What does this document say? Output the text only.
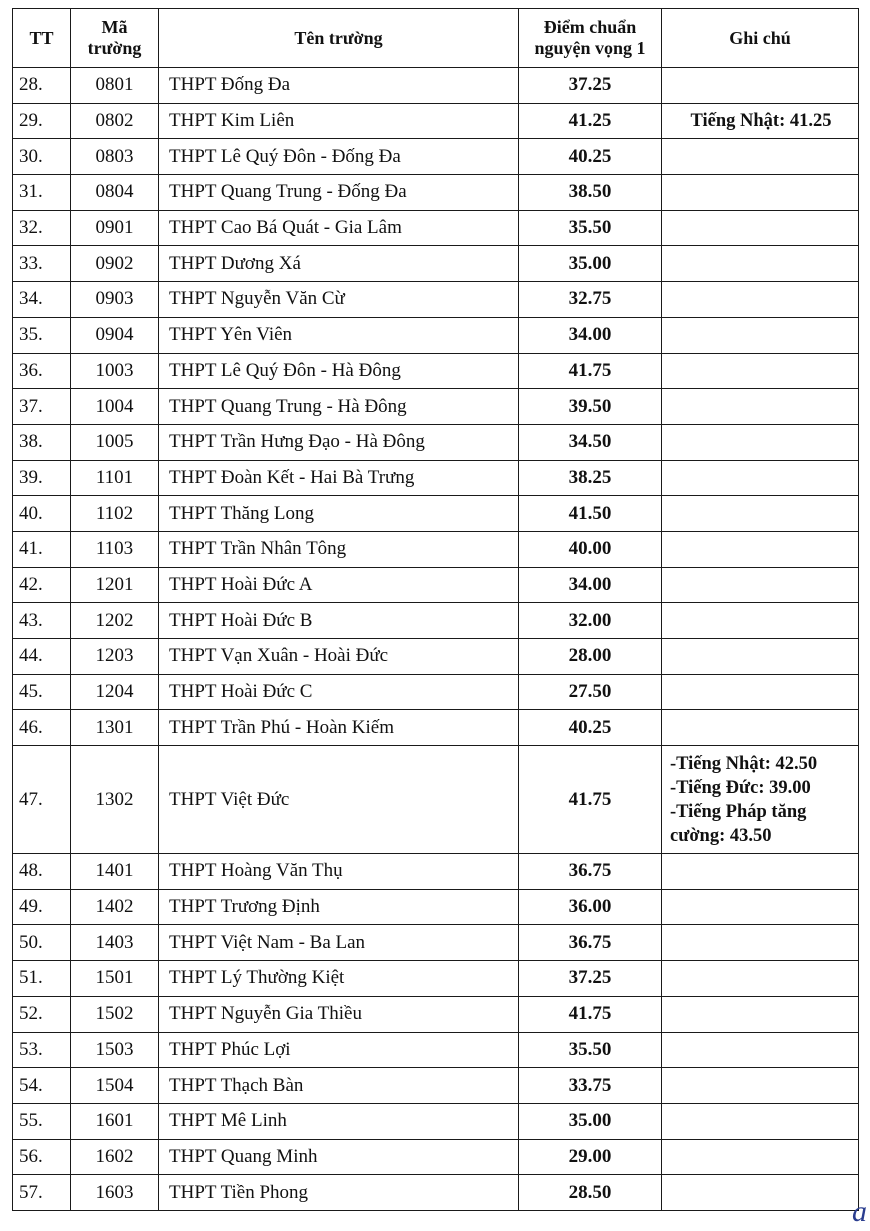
TT	Mã trường	Tên trường	Điểm chuẩn nguyện vọng 1	Ghi chú
28.	0801	THPT Đống Đa	37.25	
29.	0802	THPT Kim Liên	41.25	Tiếng Nhật: 41.25
30.	0803	THPT Lê Quý Đôn - Đống Đa	40.25	
31.	0804	THPT Quang Trung - Đống Đa	38.50	
32.	0901	THPT Cao Bá Quát - Gia Lâm	35.50	
33.	0902	THPT Dương Xá	35.00	
34.	0903	THPT Nguyễn Văn Cừ	32.75	
35.	0904	THPT Yên Viên	34.00	
36.	1003	THPT Lê Quý Đôn - Hà Đông	41.75	
37.	1004	THPT Quang Trung - Hà Đông	39.50	
38.	1005	THPT Trần Hưng Đạo - Hà Đông	34.50	
39.	1101	THPT Đoàn Kết - Hai Bà Trưng	38.25	
40.	1102	THPT Thăng Long	41.50	
41.	1103	THPT Trần Nhân Tông	40.00	
42.	1201	THPT Hoài Đức A	34.00	
43.	1202	THPT Hoài Đức B	32.00	
44.	1203	THPT Vạn Xuân - Hoài Đức	28.00	
45.	1204	THPT Hoài Đức C	27.50	
46.	1301	THPT Trần Phú - Hoàn Kiếm	40.25	
47.	1302	THPT Việt Đức	41.75	-Tiếng Nhật: 42.50
-Tiếng Đức: 39.00
-Tiếng Pháp tăng cường: 43.50

48.	1401	THPT Hoàng Văn Thụ	36.75	
49.	1402	THPT Trương Định	36.00	
50.	1403	THPT Việt Nam - Ba Lan	36.75	
51.	1501	THPT Lý Thường Kiệt	37.25	
52.	1502	THPT Nguyễn Gia Thiều	41.75	
53.	1503	THPT Phúc Lợi	35.50	
54.	1504	THPT Thạch Bàn	33.75	
55.	1601	THPT Mê Linh	35.00	
56.	1602	THPT Quang Minh	29.00	
57.	1603	THPT Tiền Phong	28.50	
a
